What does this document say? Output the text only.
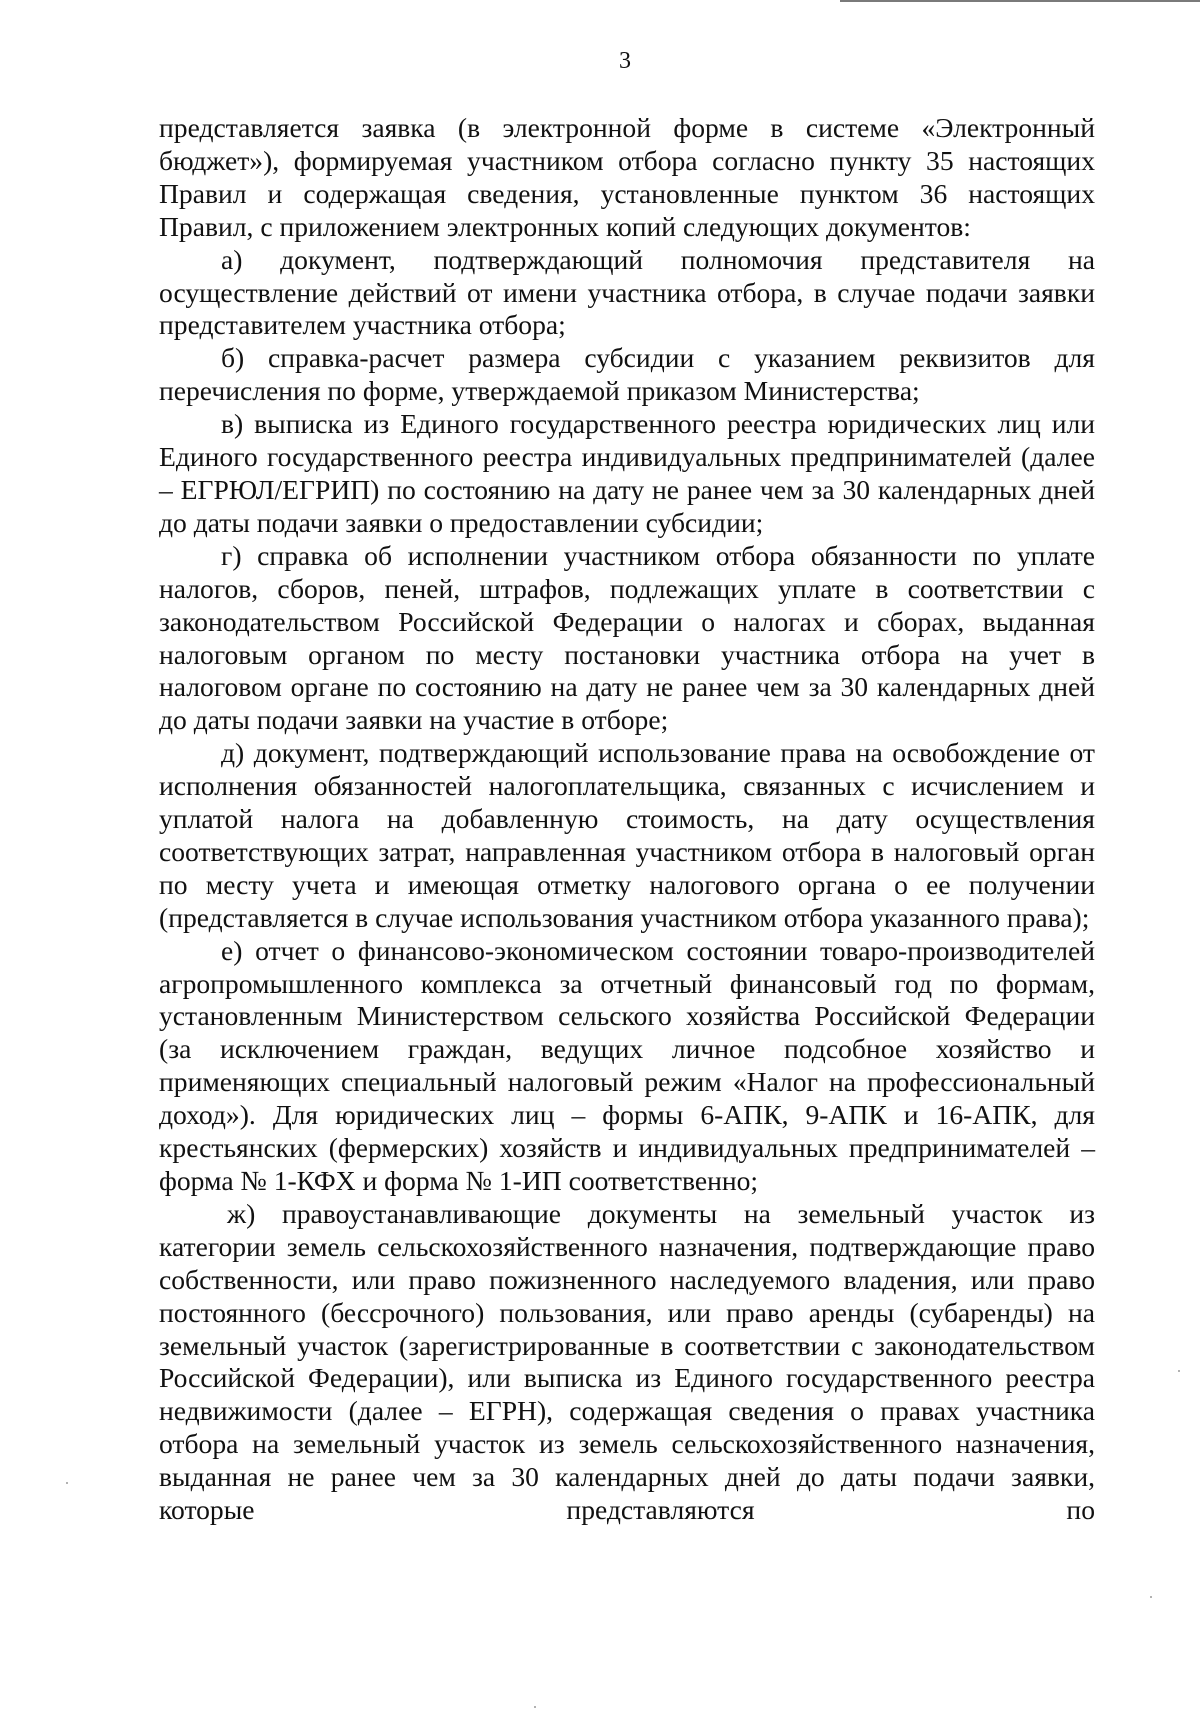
3

представляется заявка (в электронной форме в системе «Электронный бюджет»), формируемая участником отбора согласно пункту 35 настоящих Правил и содержащая сведения, установленные пунктом 36 настоящих Правил, с приложением электронных копий следующих документов:

а) документ, подтверждающий полномочия представителя на осуществление действий от имени участника отбора, в случае подачи заявки представителем участника отбора;

б) справка-расчет размера субсидии с указанием реквизитов для перечисления по форме, утверждаемой приказом Министерства;

в) выписка из Единого государственного реестра юридических лиц или Единого государственного реестра индивидуальных предпринимателей (далее – ЕГРЮЛ/ЕГРИП) по состоянию на дату не ранее чем за 30 календарных дней до даты подачи заявки о предоставлении субсидии;

г) справка об исполнении участником отбора обязанности по уплате налогов, сборов, пеней, штрафов, подлежащих уплате в соответствии с законодательством Российской Федерации о налогах и сборах, выданная налоговым органом по месту постановки участника отбора на учет в налоговом органе по состоянию на дату не ранее чем за 30 календарных дней до даты подачи заявки на участие в отборе;

д) документ, подтверждающий использование права на освобождение от исполнения обязанностей налогоплательщика, связанных с исчислением и уплатой налога на добавленную стоимость, на дату осуществления соответствующих затрат, направленная участником отбора в налоговый орган по месту учета и имеющая отметку налогового органа о ее получении (представляется в случае использования участником отбора указанного права);

е) отчет о финансово-экономическом состоянии товаро-производителей агропромышленного комплекса за отчетный финансовый год по формам, установленным Министерством сельского хозяйства Российской Федерации (за исключением граждан, ведущих личное подсобное хозяйство и применяющих специальный налоговый режим «Налог на профессиональный доход»). Для юридических лиц – формы 6-АПК, 9-АПК и 16-АПК, для крестьянских (фермерских) хозяйств и индивидуальных предпринимателей – форма № 1-КФХ и форма № 1-ИП соответственно;

ж) правоустанавливающие документы на земельный участок из категории земель сельскохозяйственного назначения, подтверждающие право собственности, или право пожизненного наследуемого владения, или право постоянного (бессрочного) пользования, или право аренды (субаренды) на земельный участок (зарегистрированные в соответствии с законодательством Российской Федерации), или выписка из Единого государственного реестра недвижимости (далее – ЕГРН), содержащая сведения о правах участника отбора на земельный участок из земель сельскохозяйственного назначения, выданная не ранее чем за 30 календарных дней до даты подачи заявки, которые представляются по
